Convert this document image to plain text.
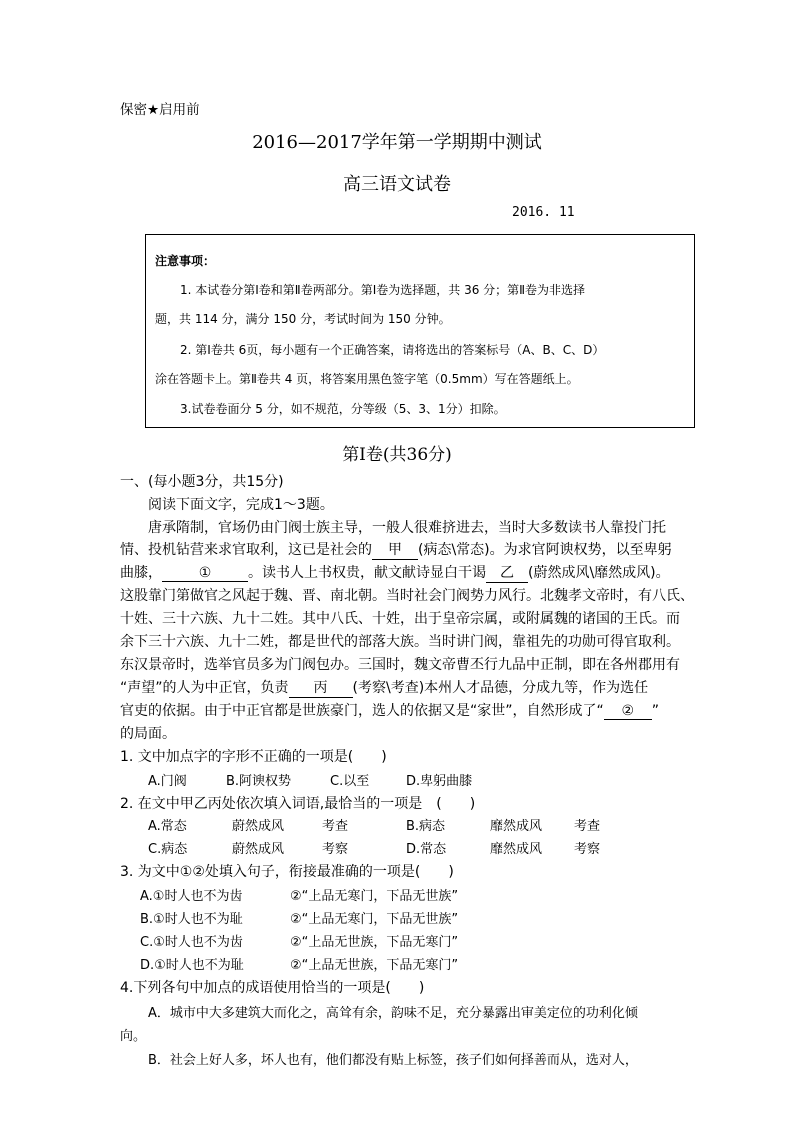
保密★启用前
2016—2017学年第一学期期中测试
高三语文试卷
2016. 11
注意事项：
1. 本试卷分第Ⅰ卷和第Ⅱ卷两部分。第Ⅰ卷为选择题，共 36 分；第Ⅱ卷为非选择
题，共 114 分，满分 150 分，考试时间为 150 分钟。
2. 第Ⅰ卷共 6页，每小题有一个正确答案，请将选出的答案标号（A、B、C、D）
涂在答题卡上。第Ⅱ卷共 4 页，将答案用黑色签字笔（0.5mm）写在答题纸上。
3.试卷卷面分 5 分，如不规范，分等级（5、3、1分）扣除。
第Ⅰ卷(共36分)
一、(每小题3分，共15分)
阅读下面文字，完成1～3题。
唐承隋制，官场仍由门阀士族主导，一般人很难挤进去，当时大多数读书人靠投门托
情、投机钻营来求官取利，这已是社会的 甲 (病态\常态)。为求官阿谀权势，以至卑躬
曲膝，	①	。读书人上书权贵，献文献诗显白干谒 乙 (蔚然成风\靡然成风)。
这股靠门第做官之风起于魏、晋、南北朝。当时社会门阀势力风行。北魏孝文帝时，有八氏、
十姓、三十六族、九十二姓。其中八氏、十姓，出于皇帝宗属，或附属魏的诸国的王氏。而
余下三十六族、九十二姓，都是世代的部落大族。当时讲门阀，靠祖先的功勋可得官取利。
东汉景帝时，选举官员多为门阀包办。三国时，魏文帝曹丕行九品中正制，即在各州郡用有
“声望”的人为中正官，负责 丙 (考察\考查)本州人才品德，分成九等，作为选任
官吏的依据。由于中正官都是世族豪门，选人的依据又是“家世”，自然形成了“ ② ”
的局面。
1. 文中加点字的字形不正确的一项是(　　)
A.门阀	B.阿谀权势	C.以至	D.卑躬曲膝
2. 在文中甲乙丙处依次填入词语,最恰当的一项是　(　　)
A.常态	蔚然成风	考查	B.病态	靡然成风 考查
C.病态	蔚然成风	考察	D.常态	靡然成风 考察
3. 为文中①②处填入句子，衔接最准确的一项是(　　)
A.①时人也不为齿	②“上品无寒门，下品无世族”
B.①时人也不为耻	②“上品无寒门，下品无世族”
C.①时人也不为齿	②“上品无世族，下品无寒门”
D.①时人也不为耻	②“上品无世族，下品无寒门”
4.下列各句中加点的成语使用恰当的一项是(　　)
A．城市中大多建筑大而化之，高耸有余，韵味不足，充分暴露出审美定位的功利化倾
向。
B．社会上好人多，坏人也有，他们都没有贴上标签，孩子们如何择善而从，选对人，
